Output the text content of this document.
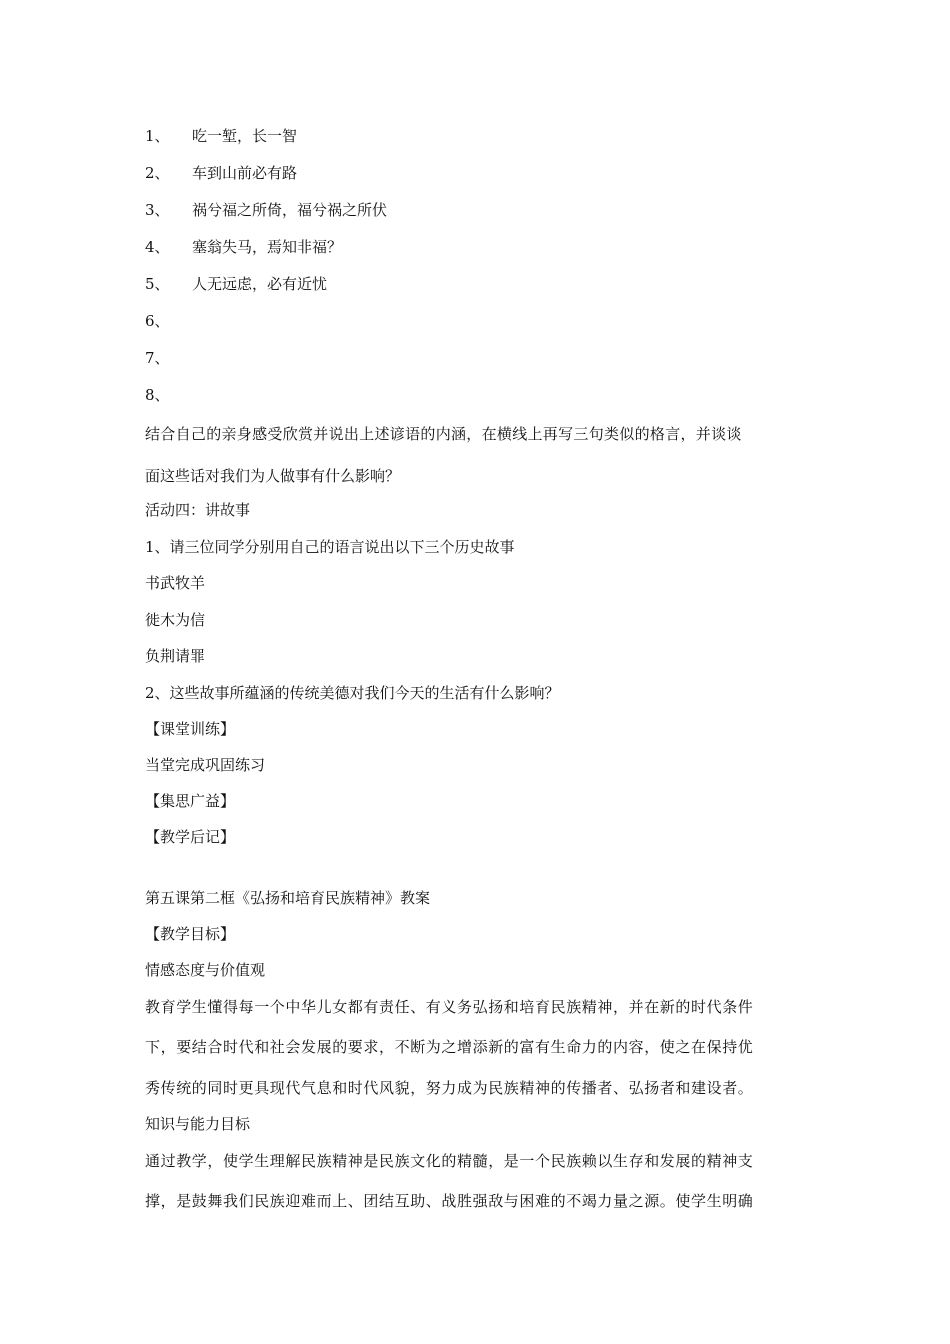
1、	吃一堑，长一智
2、	车到山前必有路
3、	祸兮福之所倚，福兮祸之所伏
4、	塞翁失马，焉知非福？
5、	人无远虑，必有近忧
6、
7、
8、
结合自己的亲身感受欣赏并说出上述谚语的内涵，在横线上再写三句类似的格言，并谈谈
面这些话对我们为人做事有什么影响？
活动四：讲故事
1、请三位同学分别用自己的语言说出以下三个历史故事
书武牧羊
徙木为信
负荆请罪
2、这些故事所蕴涵的传统美德对我们今天的生活有什么影响？
【课堂训练】
当堂完成巩固练习
【集思广益】
【教学后记】
第五课第二框《弘扬和培育民族精神》教案
【教学目标】
情感态度与价值观
教育学生懂得每一个中华儿女都有责任、有义务弘扬和培育民族精神，并在新的时代条件
下，要结合时代和社会发展的要求，不断为之增添新的富有生命力的内容，使之在保持优
秀传统的同时更具现代气息和时代风貌，努力成为民族精神的传播者、弘扬者和建设者。
知识与能力目标
通过教学，使学生理解民族精神是民族文化的精髓，是一个民族赖以生存和发展的精神支
撑，是鼓舞我们民族迎难而上、团结互助、战胜强敌与困难的不竭力量之源。使学生明确
